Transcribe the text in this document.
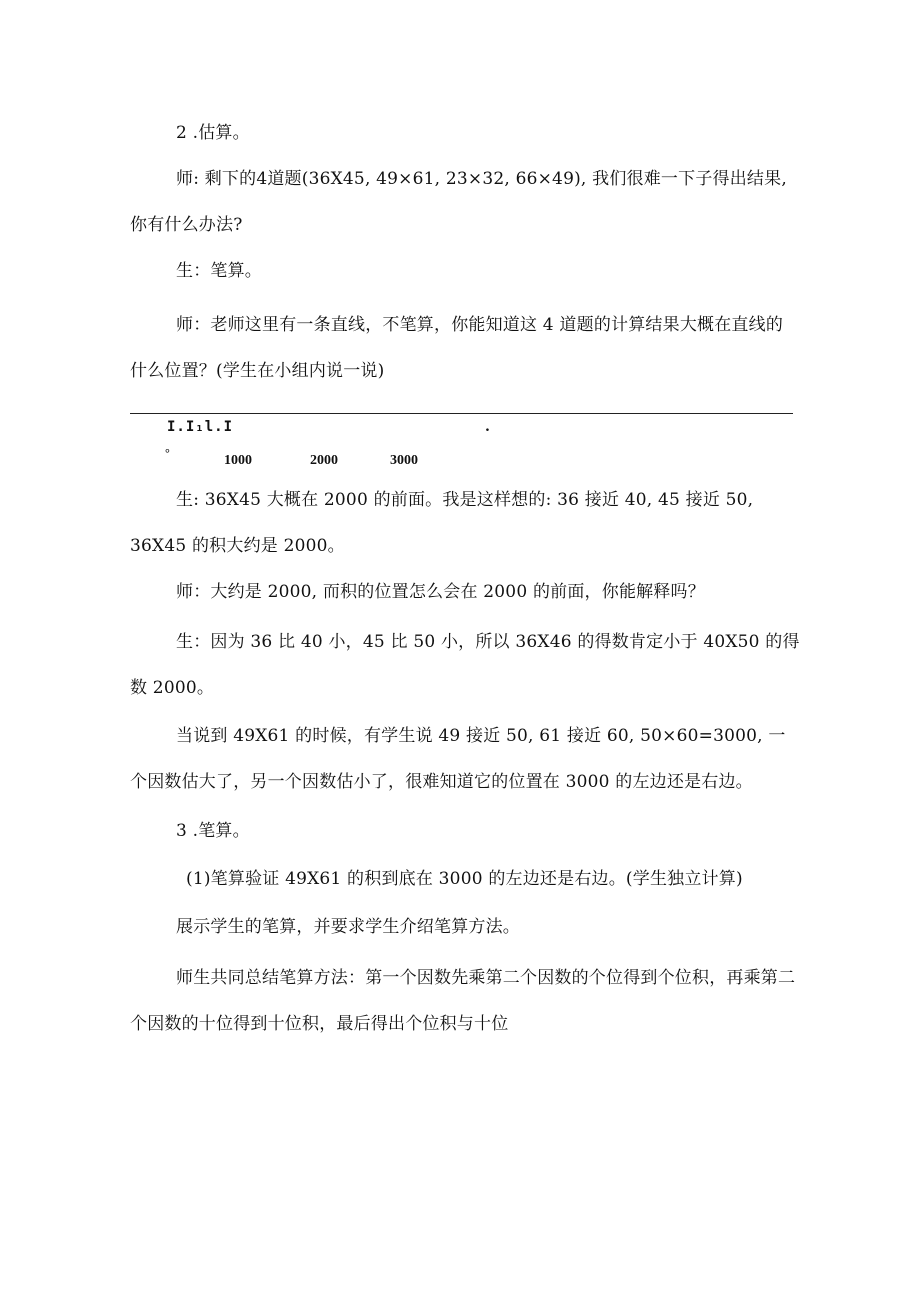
2 .估算。

师: 剩下的4道题(36X45, 49×61, 23×32, 66×49), 我们很难一下子得出结果, 你有什么办法?

生：笔算。

师：老师这里有一条直线，不笔算，你能知道这 4 道题的计算结果大概在直线的什么位置？(学生在小组内说一说)

I.I₁l.I	.
°	1000	2000	3000

生: 36X45 大概在 2000 的前面。我是这样想的: 36 接近 40, 45 接近 50, 36X45 的积大约是 2000。

师：大约是 2000, 而积的位置怎么会在 2000 的前面，你能解释吗？

生：因为 36 比 40 小，45 比 50 小，所以 36X46 的得数肯定小于 40X50 的得数 2000。

当说到 49X61 的时候，有学生说 49 接近 50, 61 接近 60, 50×60=3000, 一个因数估大了，另一个因数估小了，很难知道它的位置在 3000 的左边还是右边。

3 .笔算。

(1)笔算验证 49X61 的积到底在 3000 的左边还是右边。(学生独立计算)

展示学生的笔算，并要求学生介绍笔算方法。

师生共同总结笔算方法：第一个因数先乘第二个因数的个位得到个位积，再乘第二个因数的十位得到十位积，最后得出个位积与十位
